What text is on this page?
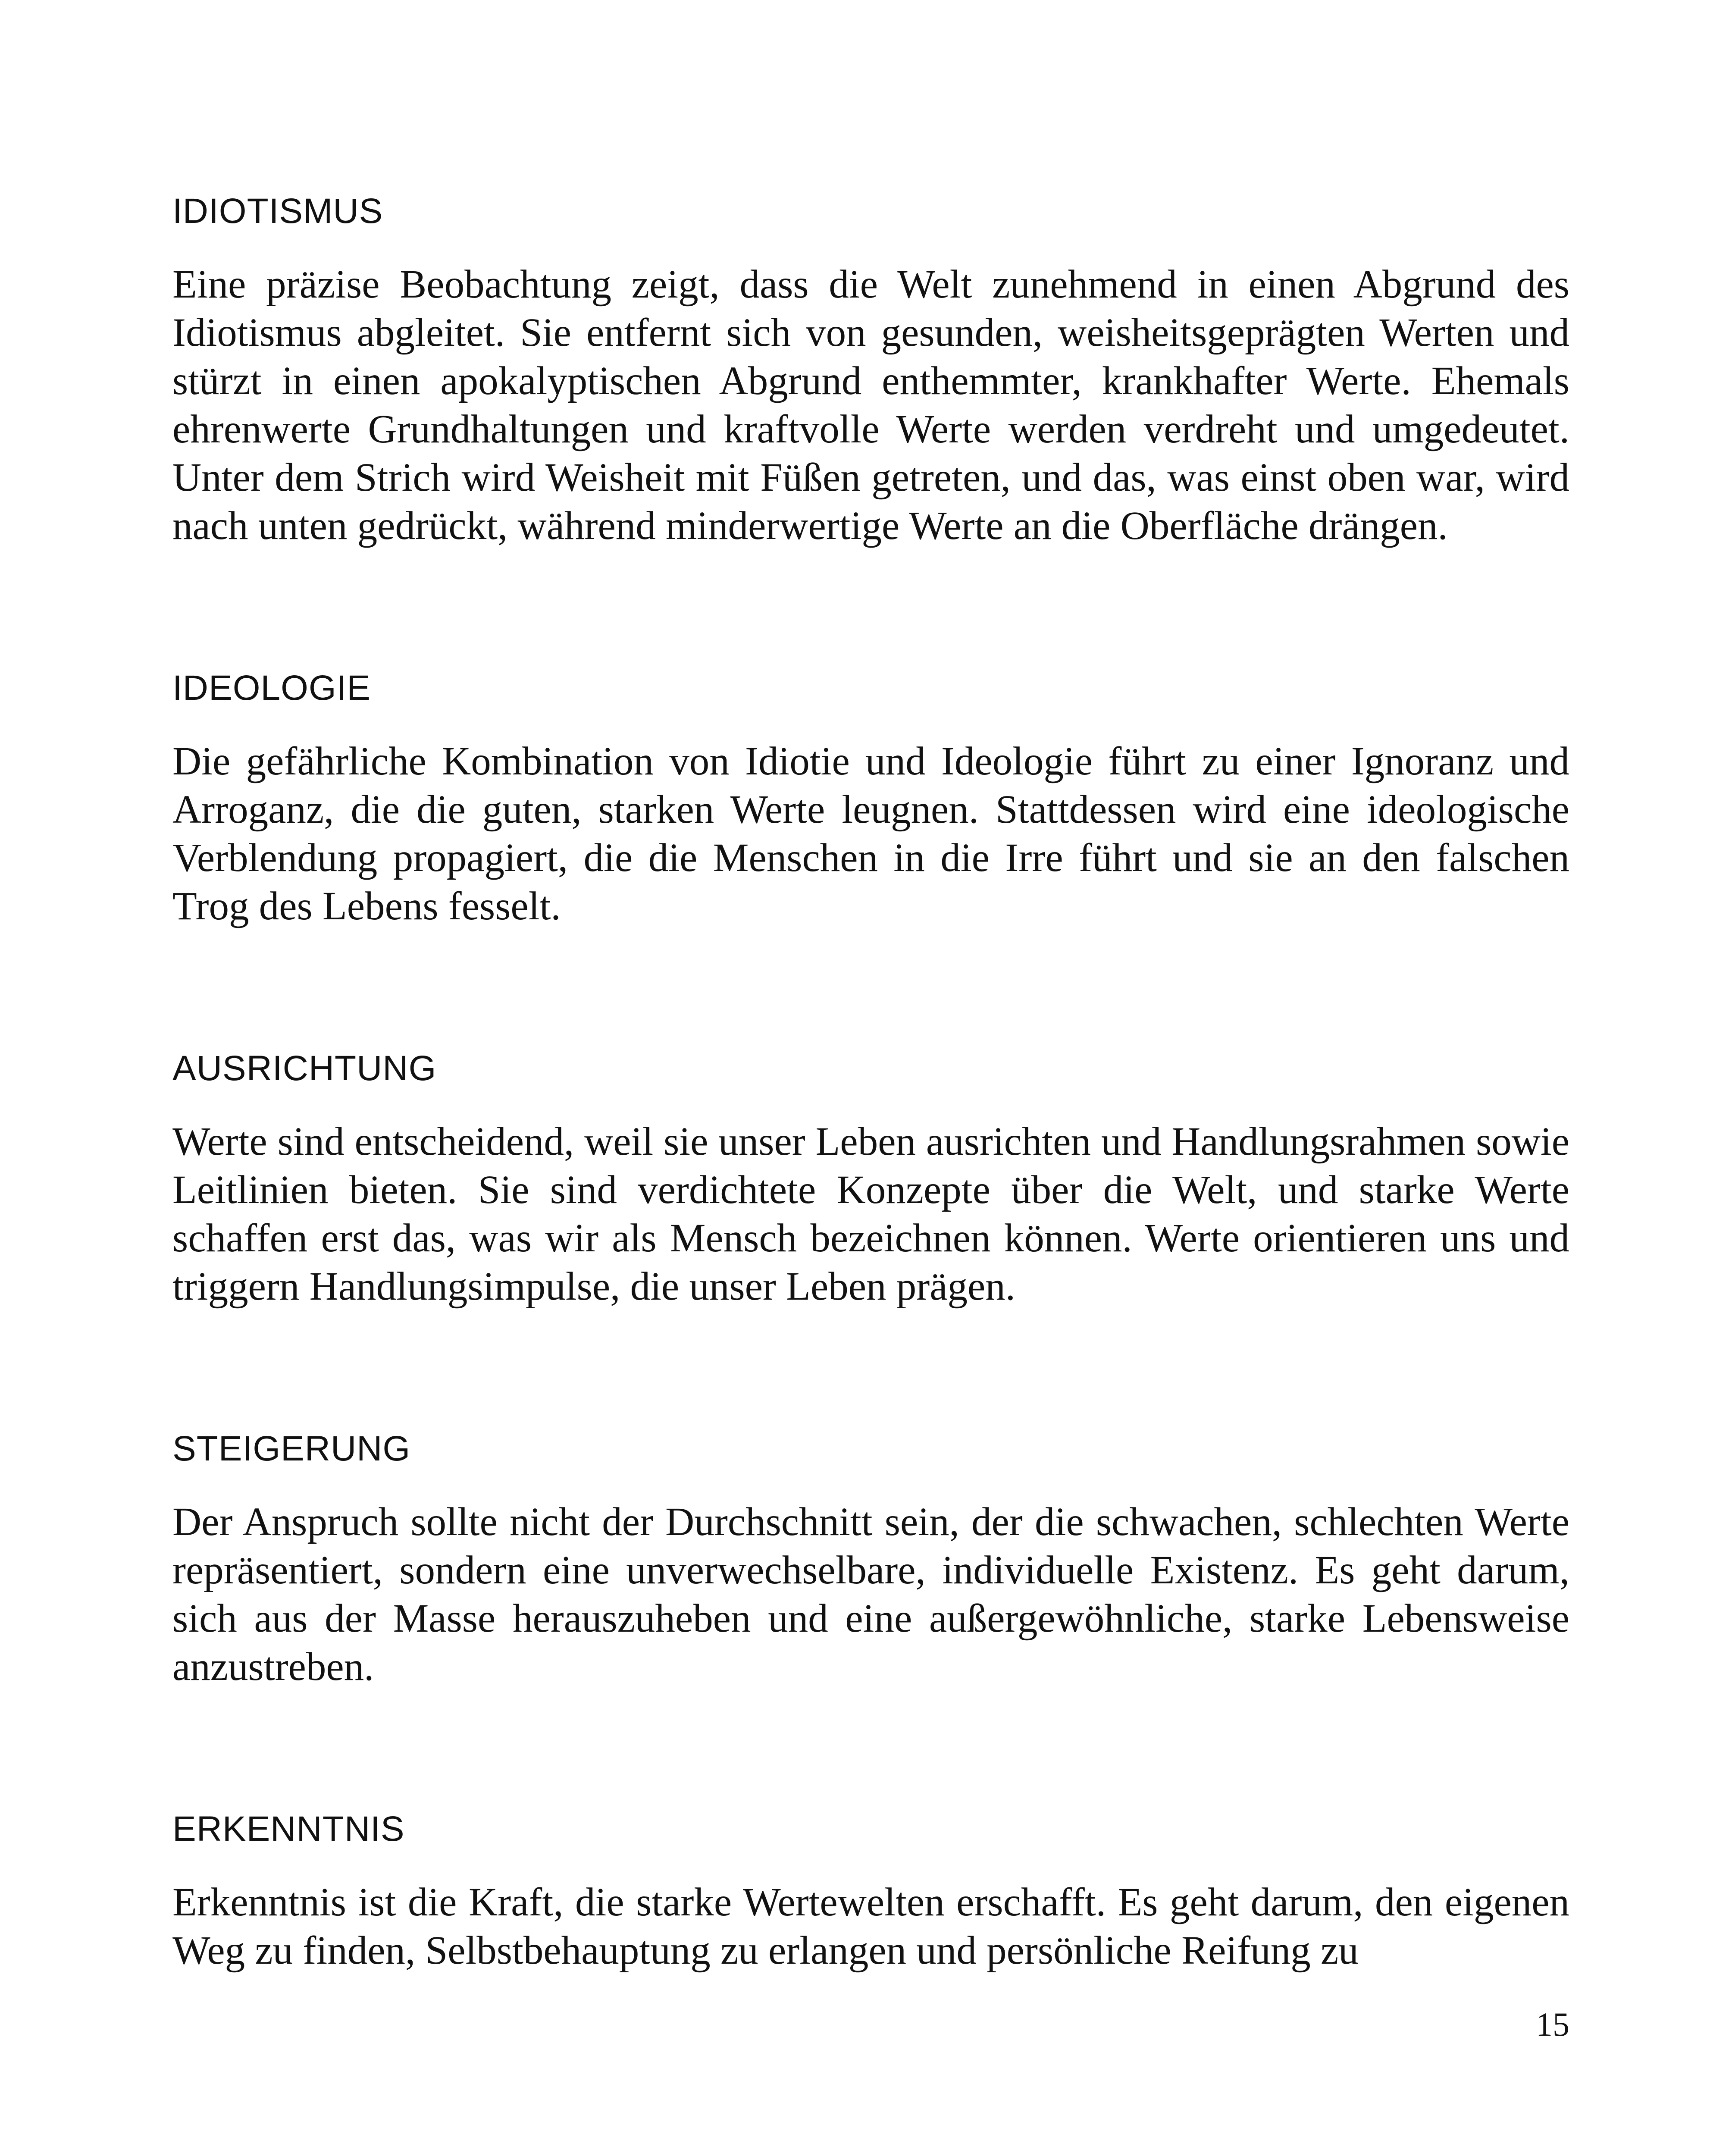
IDIOTISMUS

Eine präzise Beobachtung zeigt, dass die Welt zunehmend in einen Abgrund des Idiotismus abgleitet. Sie entfernt sich von gesunden, weisheitsgeprägten Werten und stürzt in einen apokalyptischen Abgrund enthemmter, krankhafter Werte. Ehemals ehrenwerte Grundhaltungen und kraftvolle Werte werden verdreht und umgedeutet. Unter dem Strich wird Weisheit mit Füßen getreten, und das, was einst oben war, wird nach unten gedrückt, während minderwertige Werte an die Oberfläche drängen.

IDEOLOGIE

Die gefährliche Kombination von Idiotie und Ideologie führt zu einer Ignoranz und Arroganz, die die guten, starken Werte leugnen. Stattdessen wird eine ideologische Verblendung propagiert, die die Menschen in die Irre führt und sie an den falschen Trog des Lebens fesselt.

AUSRICHTUNG

Werte sind entscheidend, weil sie unser Leben ausrichten und Handlungsrahmen sowie Leitlinien bieten. Sie sind verdichtete Konzepte über die Welt, und starke Werte schaffen erst das, was wir als Mensch bezeichnen können. Werte orientieren uns und triggern Handlungsimpulse, die unser Leben prägen.

STEIGERUNG

Der Anspruch sollte nicht der Durchschnitt sein, der die schwachen, schlechten Werte repräsentiert, sondern eine unverwechselbare, individuelle Existenz. Es geht darum, sich aus der Masse herauszuheben und eine außergewöhnliche, starke Lebensweise anzustreben.

ERKENNTNIS

Erkenntnis ist die Kraft, die starke Wertewelten erschafft. Es geht darum, den eigenen Weg zu finden, Selbstbehauptung zu erlangen und persönliche Reifung zu

15
